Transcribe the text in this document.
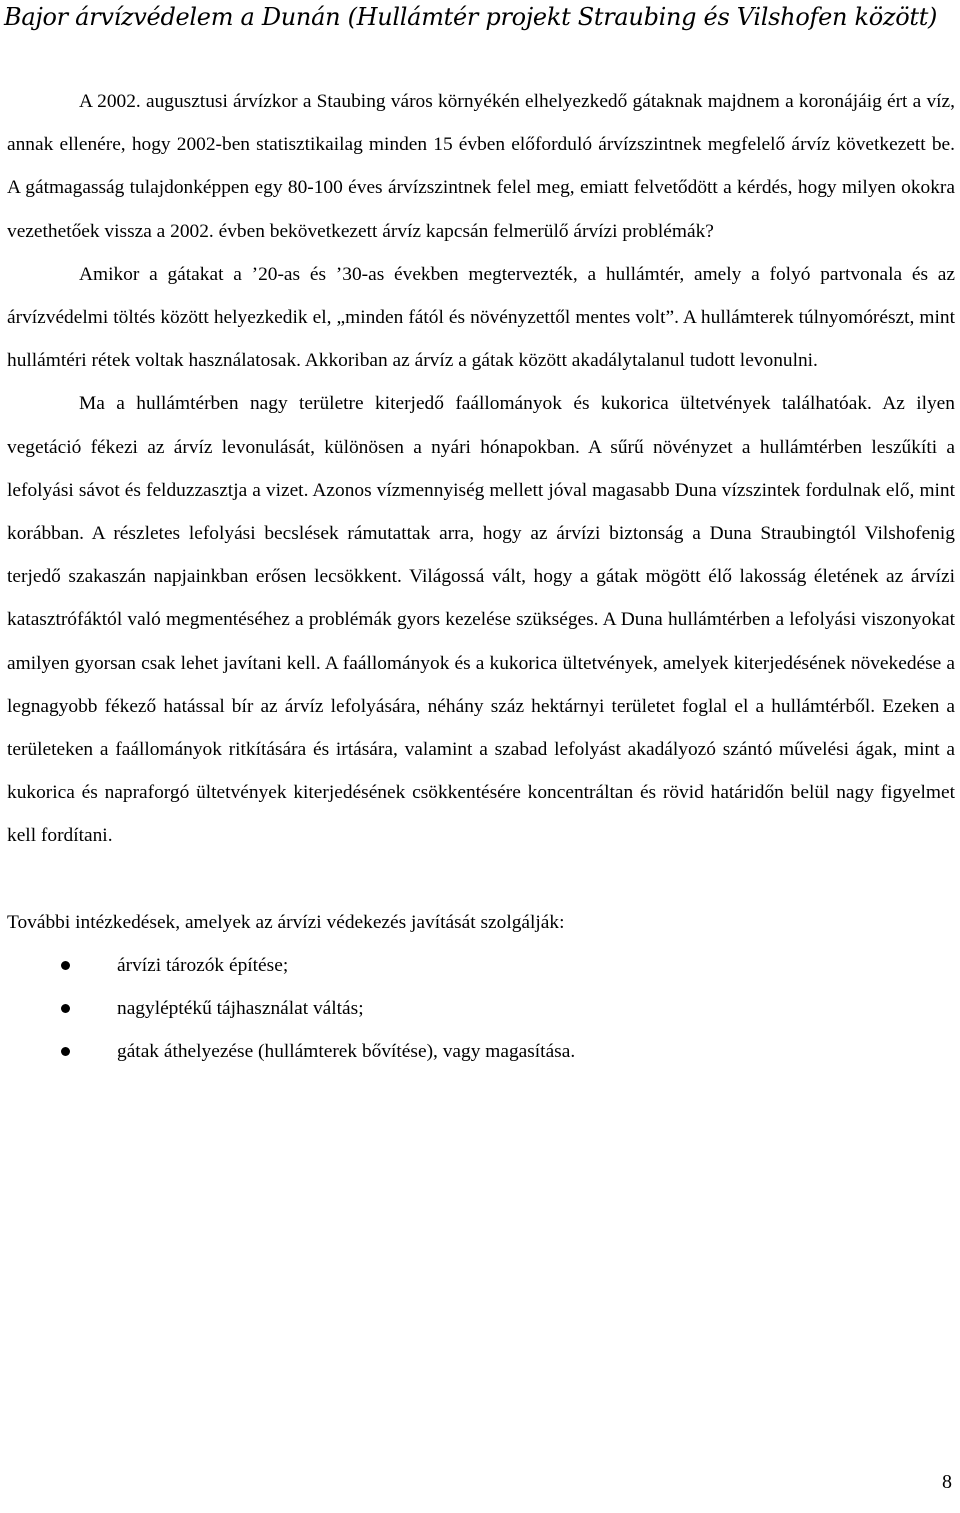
Bajor árvízvédelem a Dunán (Hullámtér projekt Straubing és Vilshofen között)

A 2002. augusztusi árvízkor a Staubing város környékén elhelyezkedő gátaknak majdnem a koronájáig ért a víz, annak ellenére, hogy 2002-ben statisztikailag minden 15 évben előforduló árvízszintnek megfelelő árvíz következett be. A gátmagasság tulajdonképpen egy 80-100 éves árvízszintnek felel meg, emiatt felvetődött a kérdés, hogy milyen okokra vezethetőek vissza a 2002. évben bekövetkezett árvíz kapcsán felmerülő árvízi problémák?

Amikor a gátakat a ’20-as és ’30-as években megtervezték, a hullámtér, amely a folyó partvonala és az árvízvédelmi töltés között helyezkedik el, „minden fától és növényzettől mentes volt”. A hullámterek túlnyomórészt, mint hullámtéri rétek voltak használatosak. Akkoriban az árvíz a gátak között akadálytalanul tudott levonulni.

Ma a hullámtérben nagy területre kiterjedő faállományok és kukorica ültetvények találhatóak. Az ilyen vegetáció fékezi az árvíz levonulását, különösen a nyári hónapokban. A sűrű növényzet a hullámtérben leszűkíti a lefolyási sávot és felduzzasztja a vizet. Azonos vízmennyiség mellett jóval magasabb Duna vízszintek fordulnak elő, mint korábban. A részletes lefolyási becslések rámutattak arra, hogy az árvízi biztonság a Duna Straubingtól Vilshofenig terjedő szakaszán napjainkban erősen lecsökkent. Világossá vált, hogy a gátak mögött élő lakosság életének az árvízi katasztrófáktól való megmentéséhez a problémák gyors kezelése szükséges. A Duna hullámtérben a lefolyási viszonyokat amilyen gyorsan csak lehet javítani kell. A faállományok és a kukorica ültetvények, amelyek kiterjedésének növekedése a legnagyobb fékező hatással bír az árvíz lefolyására, néhány száz hektárnyi területet foglal el a hullámtérből. Ezeken a területeken a faállományok ritkítására és irtására, valamint a szabad lefolyást akadályozó szántó művelési ágak, mint a kukorica és napraforgó ültetvények kiterjedésének csökkentésére koncentráltan és rövid határidőn belül nagy figyelmet kell fordítani.

További intézkedések, amelyek az árvízi védekezés javítását szolgálják:

árvízi tározók építése;
nagyléptékű tájhasználat váltás;
gátak áthelyezése (hullámterek bővítése), vagy magasítása.
8
